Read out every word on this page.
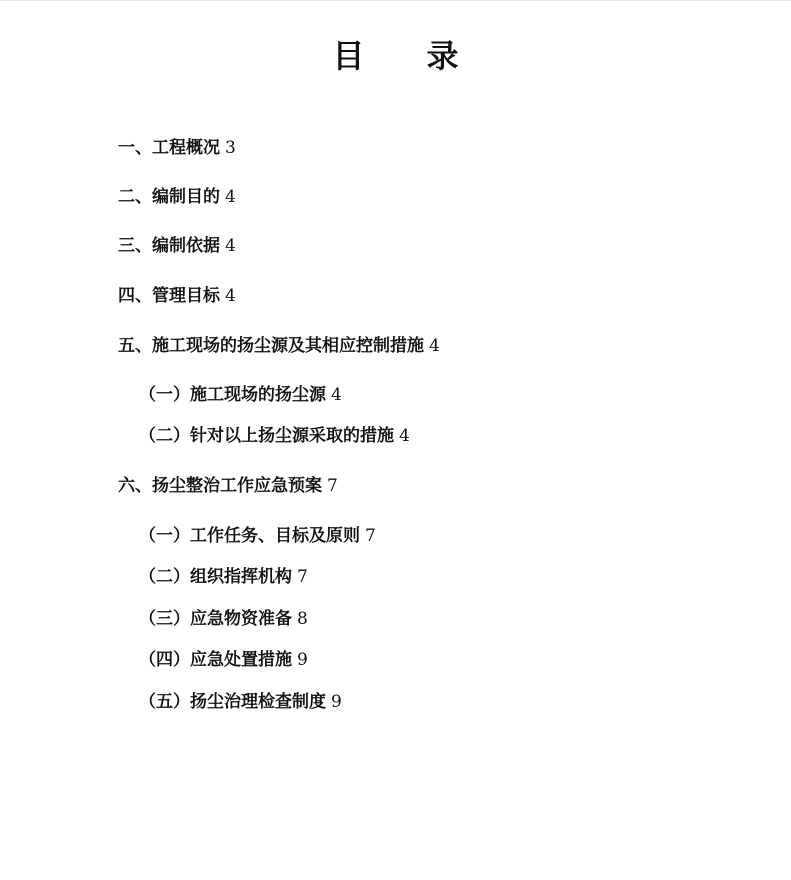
目 录
一、工程概况 3
二、编制目的 4
三、编制依据 4
四、管理目标 4
五、施工现场的扬尘源及其相应控制措施 4
（一）施工现场的扬尘源 4
（二）针对以上扬尘源采取的措施 4
六、扬尘整治工作应急预案 7
（一）工作任务、目标及原则 7
（二）组织指挥机构 7
（三）应急物资准备 8
（四）应急处置措施 9
（五）扬尘治理检查制度 9
